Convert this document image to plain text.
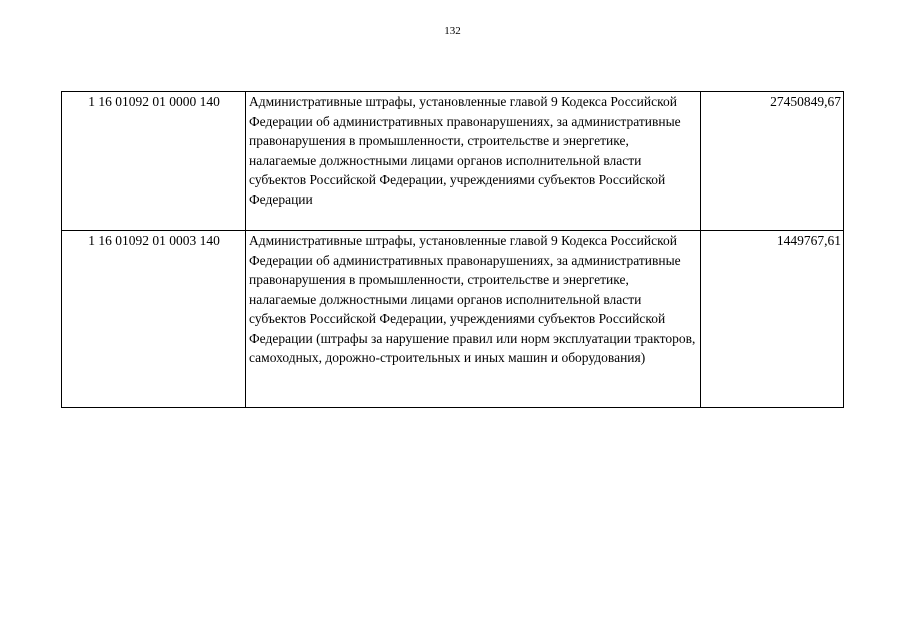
132
1 16 01092 01 0000 140	Административные штрафы, установленные главой 9 Кодекса Российской Федерации об административных правонарушениях, за административные правонарушения в промышленности, строительстве и энергетике, налагаемые должностными лицами органов исполнительной власти субъектов Российской Федерации, учреждениями субъектов Российской Федерации	27450849,67
1 16 01092 01 0003 140	Административные штрафы, установленные главой 9 Кодекса Российской Федерации об административных правонарушениях, за административные правонарушения в промышленности, строительстве и энергетике, налагаемые должностными лицами органов исполнительной власти субъектов Российской Федерации, учреждениями субъектов Российской Федерации (штрафы за нарушение правил или норм эксплуатации тракторов, самоходных, дорожно-строительных и иных машин и оборудования)	1449767,61
